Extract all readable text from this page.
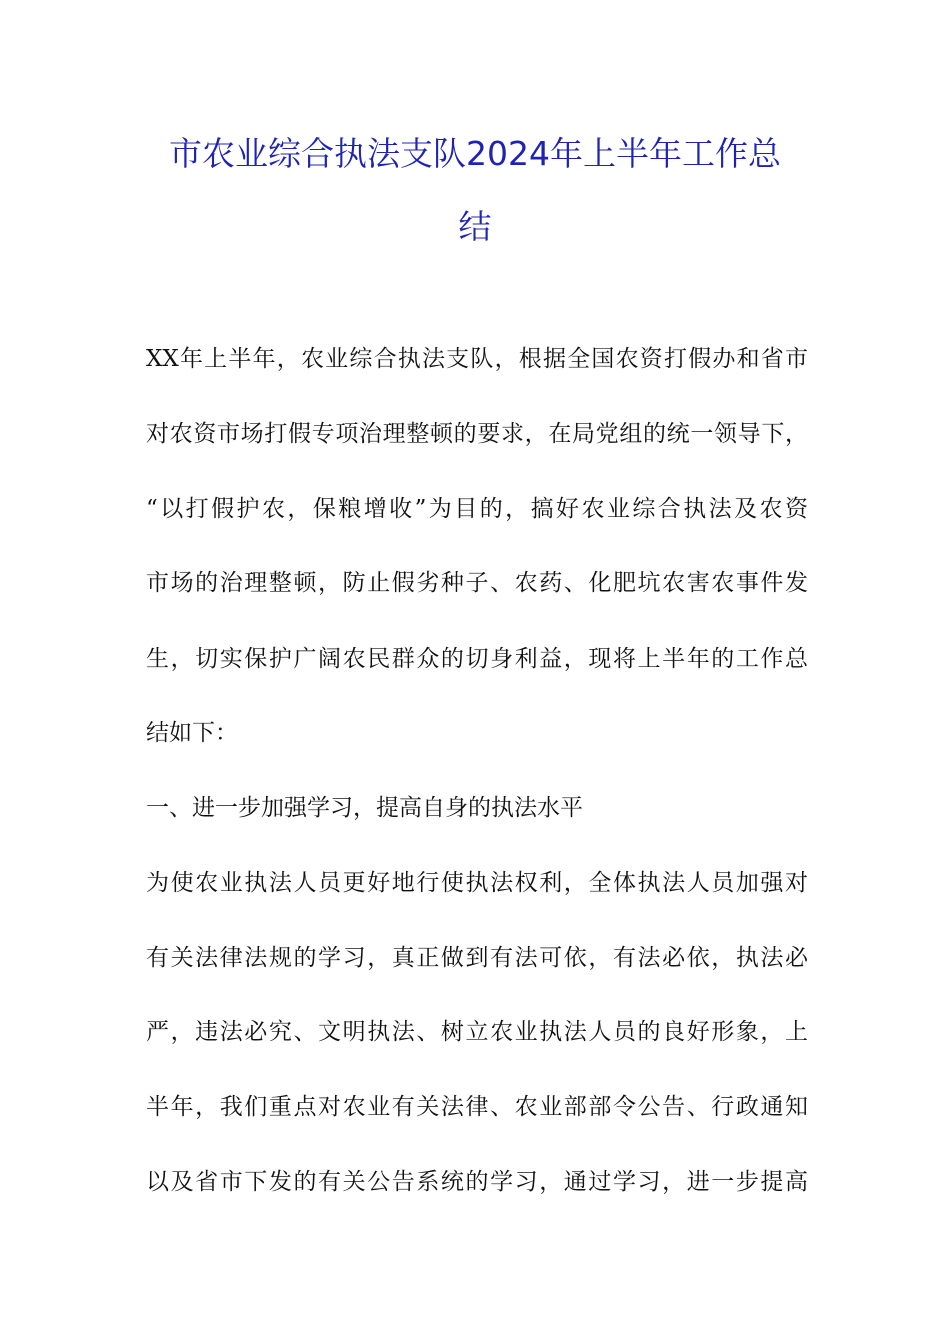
市农业综合执法支队2024年上半年工作总
结
XX年上半年，农业综合执法支队，根据全国农资打假办和省市
对农资市场打假专项治理整顿的要求，在局党组的统一领导下，
“以打假护农，保粮增收”为目的，搞好农业综合执法及农资
市场的治理整顿，防止假劣种子、农药、化肥坑农害农事件发
生，切实保护广阔农民群众的切身利益，现将上半年的工作总
结如下：
一、进一步加强学习，提高自身的执法水平
为使农业执法人员更好地行使执法权利，全体执法人员加强对
有关法律法规的学习，真正做到有法可依，有法必依，执法必
严，违法必究、文明执法、树立农业执法人员的良好形象，上
半年，我们重点对农业有关法律、农业部部令公告、行政通知
以及省市下发的有关公告系统的学习，通过学习，进一步提高
